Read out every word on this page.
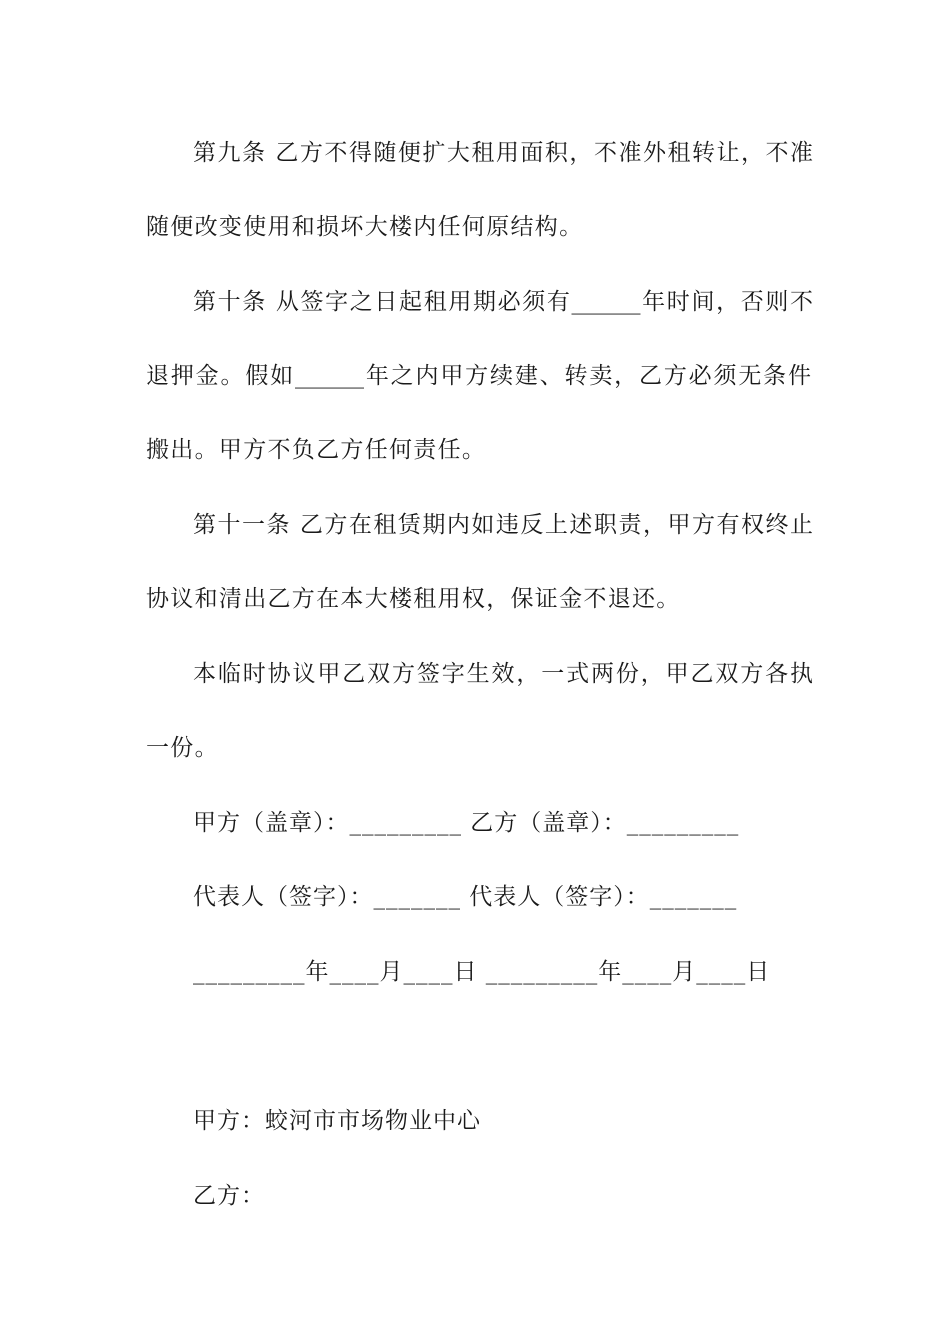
第九条 乙方不得随便扩大租用面积，不准外租转让，不准
随便改变使用和损坏大楼内任何原结构。
第十条 从签字之日起租用期必须有______年时间，否则不
退押金。假如______年之内甲方续建、转卖，乙方必须无条件
搬出。甲方不负乙方任何责任。
第十一条 乙方在租赁期内如违反上述职责，甲方有权终止
协议和清出乙方在本大楼租用权，保证金不退还。
本临时协议甲乙双方签字生效，一式两份，甲乙双方各执
一份。
甲方（盖章）：_________ 乙方（盖章）：_________
代表人（签字）：_______ 代表人（签字）：_______
_________年____月____日 _________年____月____日
甲方：蛟河市市场物业中心
乙方：
